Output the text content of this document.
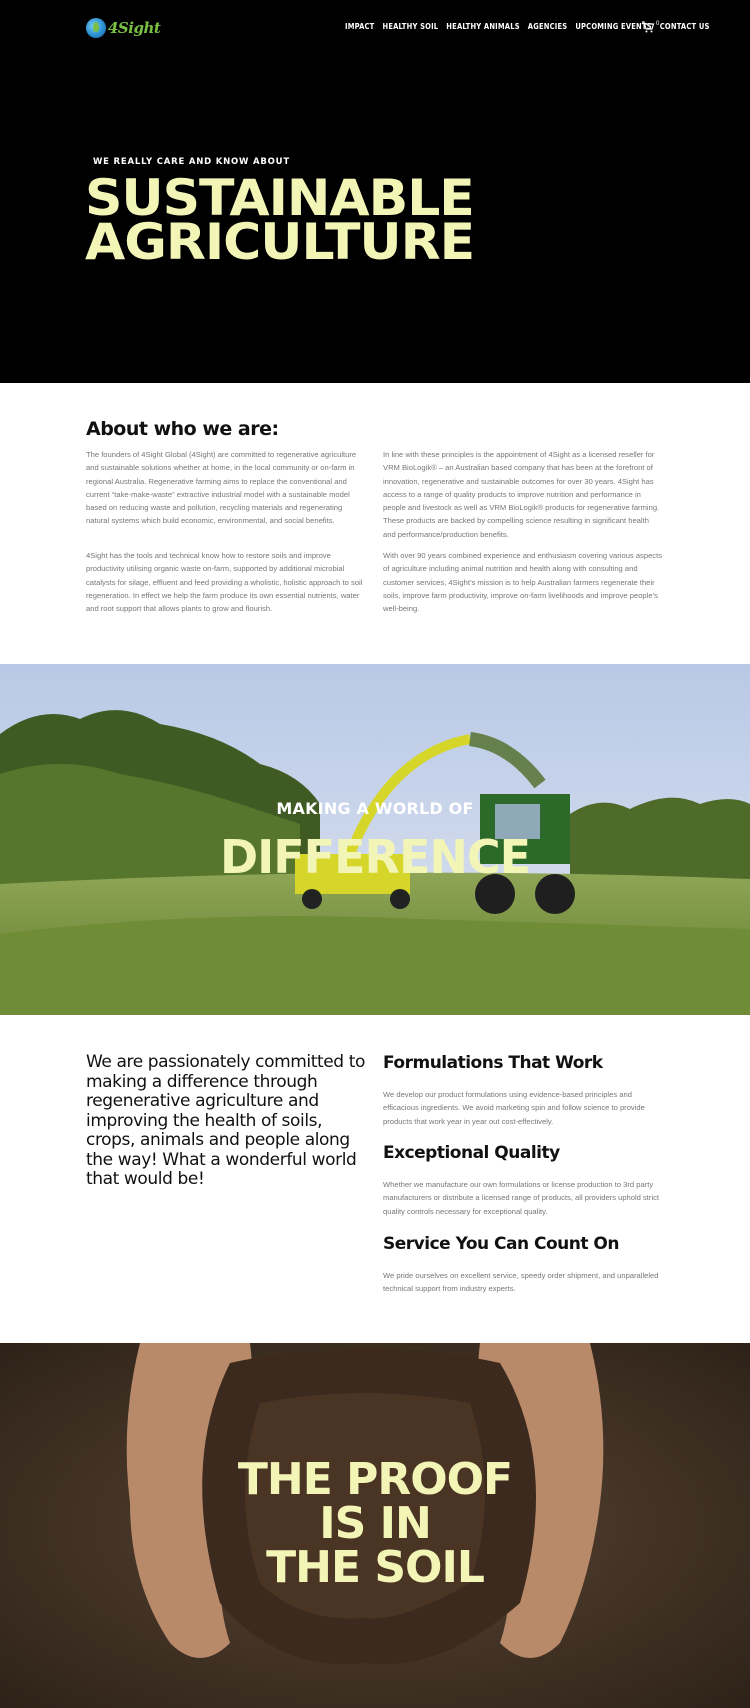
4Sight	IMPACT HEALTHY SOIL HEALTHY ANIMALS AGENCIES UPCOMING EVENTS CONTACT US
0
WE REALLY CARE AND KNOW ABOUT
SUSTAINABLE
AGRICULTURE
About who we are:

The founders of 4Sight Global (4Sight) are committed to regenerative agriculture and sustainable solutions whether at home, in the local community or on-farm in regional Australia. Regenerative farming aims to replace the conventional and current “take-make-waste” extractive industrial model with a sustainable model based on reducing waste and pollution, recycling materials and regenerating natural systems which build economic, environmental, and social benefits.

4Sight has the tools and technical know how to restore soils and improve productivity utilising organic waste on-farm, supported by additional microbial catalysts for silage, effluent and feed providing a wholistic, holistic approach to soil regeneration. In effect we help the farm produce its own essential nutrients, water and root support that allows plants to grow and flourish.

In line with these principles is the appointment of 4Sight as a licensed reseller for VRM BioLogik® – an Australian based company that has been at the forefront of innovation, regenerative and sustainable outcomes for over 30 years. 4Sight has access to a range of quality products to improve nutrition and performance in people and livestock as well as VRM BioLogik® products for regenerative farming. These products are backed by compelling science resulting in significant health and performance/production benefits.

With over 90 years combined experience and enthusiasm covering various aspects of agriculture including animal nutrition and health along with consulting and customer services, 4Sight’s mission is to help Australian farmers regenerate their soils, improve farm productivity, improve on-farm livelihoods and improve people’s well-being.

MAKING A WORLD OF
DIFFERENCE

We are passionately committed to making a difference through regenerative agriculture and improving the health of soils, crops, animals and people along the way! What a wonderful world that would be!

Formulations That Work

We develop our product formulations using evidence-based principles and efficacious ingredients. We avoid marketing spin and follow science to provide products that work year in year out cost-effectively.

Exceptional Quality

Whether we manufacture our own formulations or license production to 3rd party manufacturers or distribute a licensed range of products, all providers uphold strict quality controls necessary for exceptional quality.

Service You Can Count On

We pride ourselves on excellent service, speedy order shipment, and unparalleled technical support from industry experts.

THE PROOF
IS IN
THE SOIL
